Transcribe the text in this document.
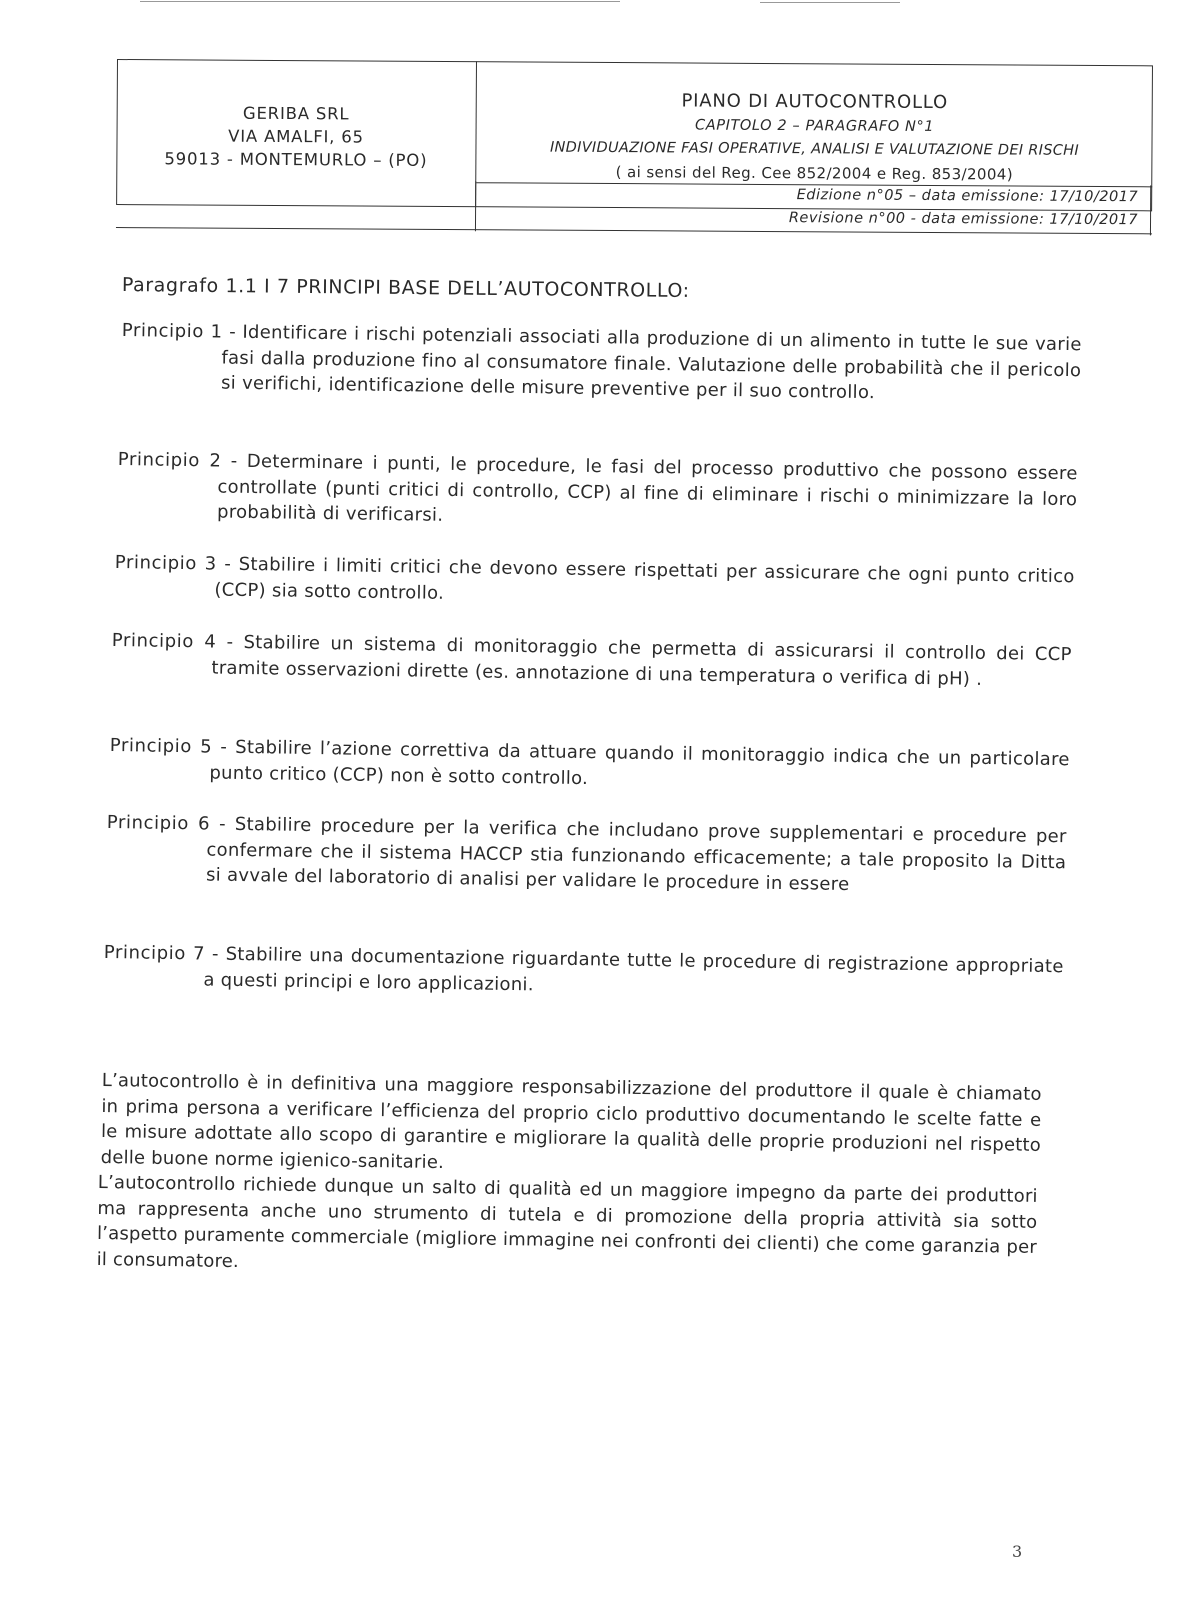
GERIBA SRL
VIA AMALFI, 65
59013 - MONTEMURLO – (PO)
PIANO DI AUTOCONTROLLO
CAPITOLO 2 – PARAGRAFO N°1
INDIVIDUAZIONE FASI OPERATIVE, ANALISI E VALUTAZIONE DEI RISCHI
( ai sensi del Reg. Cee 852/2004 e Reg. 853/2004)
Edizione n°05 – data emissione: 17/10/2017
Revisione n°00 - data emissione: 17/10/2017
Paragrafo 1.1 I 7 PRINCIPI BASE DELL’AUTOCONTROLLO:
Principio 1 - Identificare i rischi potenziali associati alla produzione di un alimento in tutte le sue varie fasi dalla produzione fino al consumatore finale. Valutazione delle probabilità che il pericolo si verifichi, identificazione delle misure preventive per il suo controllo.
Principio 2 - Determinare i punti, le procedure, le fasi del processo produttivo che possono essere controllate (punti critici di controllo, CCP) al fine di eliminare i rischi o minimizzare la loro probabilità di verificarsi.
Principio 3 - Stabilire i limiti critici che devono essere rispettati per assicurare che ogni punto critico (CCP) sia sotto controllo.
Principio 4 - Stabilire un sistema di monitoraggio che permetta di assicurarsi il controllo dei CCP tramite osservazioni dirette (es. annotazione di una temperatura o verifica di pH) .
Principio 5 - Stabilire l’azione correttiva da attuare quando il monitoraggio indica che un particolare punto critico (CCP) non è sotto controllo.
Principio 6 - Stabilire procedure per la verifica che includano prove supplementari e procedure per confermare che il sistema HACCP stia funzionando efficacemente; a tale proposito la Ditta si avvale del laboratorio di analisi per validare le procedure in essere
Principio 7 - Stabilire una documentazione riguardante tutte le procedure di registrazione appropriate a questi principi e loro applicazioni.
L’autocontrollo è in definitiva una maggiore responsabilizzazione del produttore il quale è chiamato in prima persona a verificare l’efficienza del proprio ciclo produttivo documentando le scelte fatte e le misure adottate allo scopo di garantire e migliorare la qualità delle proprie produzioni nel rispetto delle buone norme igienico-sanitarie.
L’autocontrollo richiede dunque un salto di qualità ed un maggiore impegno da parte dei produttori ma rappresenta anche uno strumento di tutela e di promozione della propria attività sia sotto l’aspetto puramente commerciale (migliore immagine nei confronti dei clienti) che come garanzia per il consumatore.
3
